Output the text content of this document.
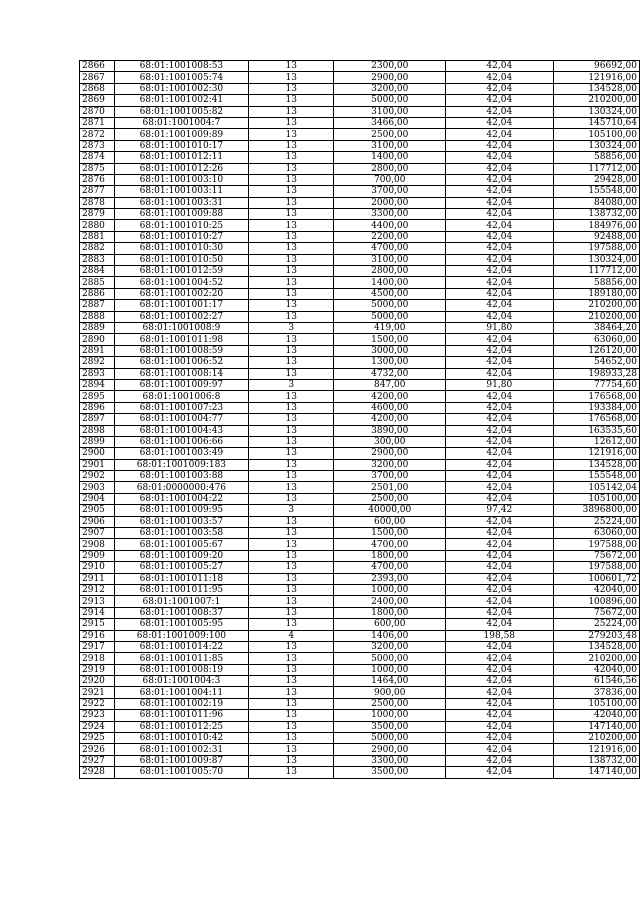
2866	68:01:1001008:53	13	2300,00	42,04	96692,00
2867	68:01:1001005:74	13	2900,00	42,04	121916,00
2868	68:01:1001002:30	13	3200,00	42,04	134528,00
2869	68:01:1001002:41	13	5000,00	42,04	210200,00
2870	68:01:1001005:82	13	3100,00	42,04	130324,00
2871	68:01:1001004:7	13	3466,00	42,04	145710,64
2872	68:01:1001009:89	13	2500,00	42,04	105100,00
2873	68:01:1001010:17	13	3100,00	42,04	130324,00
2874	68:01:1001012:11	13	1400,00	42,04	58856,00
2875	68:01:1001012:26	13	2800,00	42,04	117712,00
2876	68:01:1001003:10	13	700,00	42,04	29428,00
2877	68:01:1001003:11	13	3700,00	42,04	155548,00
2878	68:01:1001003:31	13	2000,00	42,04	84080,00
2879	68:01:1001009:88	13	3300,00	42,04	138732,00
2880	68:01:1001010:25	13	4400,00	42,04	184976,00
2881	68:01:1001010:27	13	2200,00	42,04	92488,00
2882	68:01:1001010:30	13	4700,00	42,04	197588,00
2883	68:01:1001010:50	13	3100,00	42,04	130324,00
2884	68:01:1001012:59	13	2800,00	42,04	117712,00
2885	68:01:1001004:52	13	1400,00	42,04	58856,00
2886	68:01:1001002:20	13	4500,00	42,04	189180,00
2887	68:01:1001001:17	13	5000,00	42,04	210200,00
2888	68:01:1001002:27	13	5000,00	42,04	210200,00
2889	68:01:1001008:9	3	419,00	91,80	38464,20
2890	68:01:1001011:98	13	1500,00	42,04	63060,00
2891	68:01:1001008:59	13	3000,00	42,04	126120,00
2892	68:01:1001006:52	13	1300,00	42,04	54652,00
2893	68:01:1001008:14	13	4732,00	42,04	198933,28
2894	68:01:1001009:97	3	847,00	91,80	77754,60
2895	68:01:1001006:8	13	4200,00	42,04	176568,00
2896	68:01:1001007:23	13	4600,00	42,04	193384,00
2897	68:01:1001004:77	13	4200,00	42,04	176568,00
2898	68:01:1001004:43	13	3890,00	42,04	163535,60
2899	68:01:1001006:66	13	300,00	42,04	12612,00
2900	68:01:1001003:49	13	2900,00	42,04	121916,00
2901	68:01:1001009:183	13	3200,00	42,04	134528,00
2902	68:01:1001003:88	13	3700,00	42,04	155548,00
2903	68:01:0000000:476	13	2501,00	42,04	105142,04
2904	68:01:1001004:22	13	2500,00	42,04	105100,00
2905	68:01:1001009:95	3	40000,00	97,42	3896800,00
2906	68:01:1001003:57	13	600,00	42,04	25224,00
2907	68:01:1001003:58	13	1500,00	42,04	63060,00
2908	68:01:1001005:67	13	4700,00	42,04	197588,00
2909	68:01:1001009:20	13	1800,00	42,04	75672,00
2910	68:01:1001005:27	13	4700,00	42,04	197588,00
2911	68:01:1001011:18	13	2393,00	42,04	100601,72
2912	68:01:1001011:95	13	1000,00	42,04	42040,00
2913	68:01:1001007:1	13	2400,00	42,04	100896,00
2914	68:01:1001008:37	13	1800,00	42,04	75672,00
2915	68:01:1001005:95	13	600,00	42,04	25224,00
2916	68:01:1001009:100	4	1406,00	198,58	279203,48
2917	68:01:1001014:22	13	3200,00	42,04	134528,00
2918	68:01:1001011:85	13	5000,00	42,04	210200,00
2919	68:01:1001008:19	13	1000,00	42,04	42040,00
2920	68:01:1001004:3	13	1464,00	42,04	61546,56
2921	68:01:1001004:11	13	900,00	42,04	37836,00
2922	68:01:1001002:19	13	2500,00	42,04	105100,00
2923	68:01:1001011:96	13	1000,00	42,04	42040,00
2924	68:01:1001012:25	13	3500,00	42,04	147140,00
2925	68:01:1001010:42	13	5000,00	42,04	210200,00
2926	68:01:1001002:31	13	2900,00	42,04	121916,00
2927	68:01:1001009:87	13	3300,00	42,04	138732,00
2928	68:01:1001005:70	13	3500,00	42,04	147140,00
